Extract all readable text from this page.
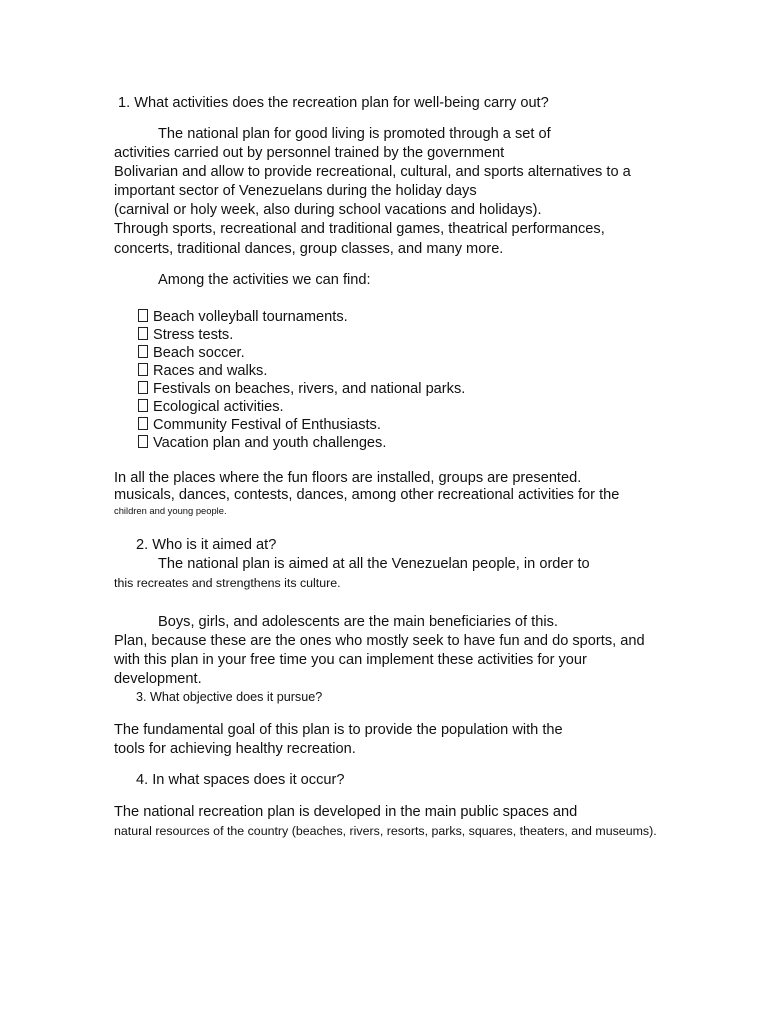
1. What activities does the recreation plan for well-being carry out?
The national plan for good living is promoted through a set of
activities carried out by personnel trained by the government
Bolivarian and allow to provide recreational, cultural, and sports alternatives to a
important sector of Venezuelans during the holiday days
(carnival or holy week, also during school vacations and holidays).
Through sports, recreational and traditional games, theatrical performances,
concerts, traditional dances, group classes, and many more.
Among the activities we can find:
Beach volleyball tournaments.
Stress tests.
Beach soccer.
Races and walks.
Festivals on beaches, rivers, and national parks.
Ecological activities.
Community Festival of Enthusiasts.
Vacation plan and youth challenges.
In all the places where the fun floors are installed, groups are presented.
musicals, dances, contests, dances, among other recreational activities for the
children and young people.
2. Who is it aimed at?
The national plan is aimed at all the Venezuelan people, in order to
this recreates and strengthens its culture.
Boys, girls, and adolescents are the main beneficiaries of this.
Plan, because these are the ones who mostly seek to have fun and do sports, and
with this plan in your free time you can implement these activities for your
development.
3. What objective does it pursue?
The fundamental goal of this plan is to provide the population with the
tools for achieving healthy recreation.
4. In what spaces does it occur?
The national recreation plan is developed in the main public spaces and
natural resources of the country (beaches, rivers, resorts, parks, squares, theaters, and museums).
